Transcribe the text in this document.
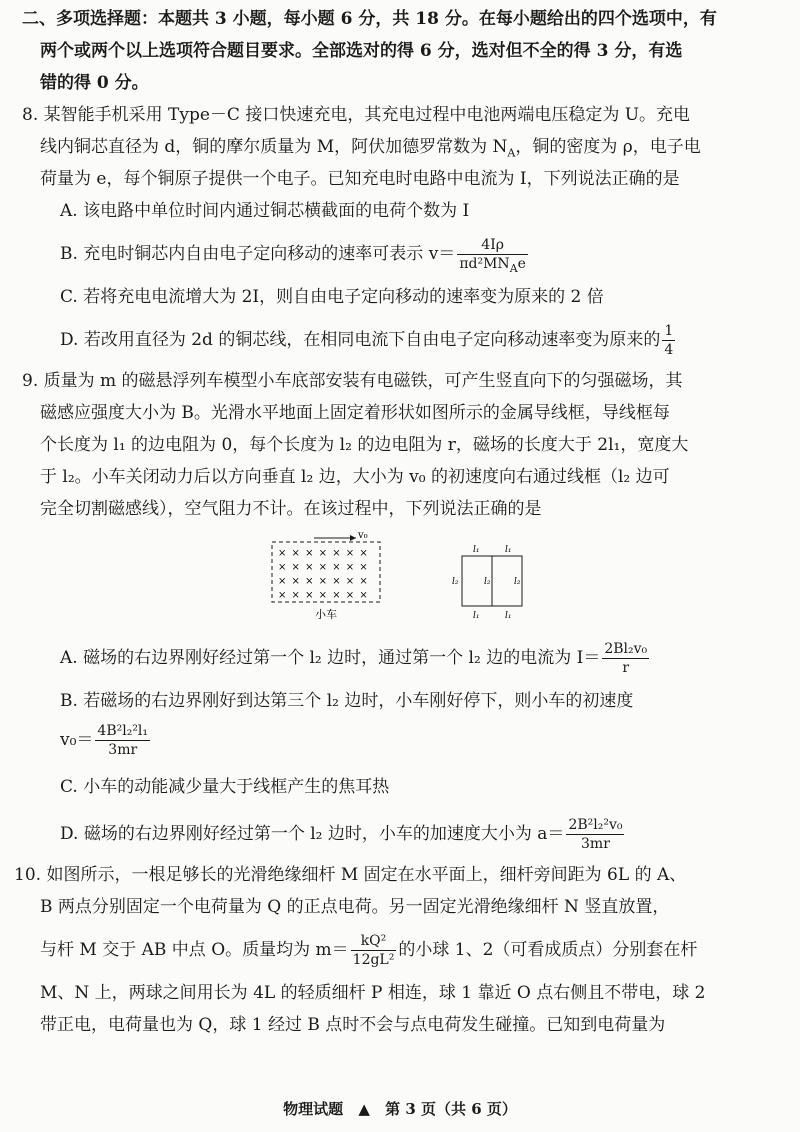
二、多项选择题：本题共 3 小题，每小题 6 分，共 18 分。在每小题给出的四个选项中，有
两个或两个以上选项符合题目要求。全部选对的得 6 分，选对但不全的得 3 分，有选
错的得 0 分。
8. 某智能手机采用 Type－C 接口快速充电，其充电过程中电池两端电压稳定为 U。充电
线内铜芯直径为 d，铜的摩尔质量为 M，阿伏加德罗常数为 $N_A$，铜的密度为 ρ，电子电
荷量为 e，每个铜原子提供一个电子。已知充电时电路中电流为 I，下列说法正确的是
A. 该电路中单位时间内通过铜芯横截面的电荷个数为 I
B. 充电时铜芯内自由电子定向移动的速率可表示 $v= \frac{4I\rho}{\pi d^2MN_Ae}$
C. 若将充电电流增大为 2I，则自由电子定向移动的速率变为原来的 2 倍
D. 若改用直径为 2d 的铜芯线，在相同电流下自由电子定向移动速率变为原来的 $\frac{1}{4}$
9. 质量为 m 的磁悬浮列车模型小车底部安装有电磁铁，可产生竖直向下的匀强磁场，其
磁感应强度大小为 B。光滑水平地面上固定着形状如图所示的金属导线框，导线框每
个长度为 l₁ 的边电阻为 0，每个长度为 l₂ 的边电阻为 r，磁场的长度大于 2l₁，宽度大
于 l₂。小车关闭动力后以方向垂直 l₂ 边，大小为 v₀ 的初速度向右通过线框（l₂ 边可
完全切割磁感线），空气阻力不计。在该过程中，下列说法正确的是
v₀
× × × × × × ×
× × × × × × ×
× × × × × × ×
× × × × × × ×
小车
l₁	l₁
l₁	l₁
l₂	l₂	l₂
A. 磁场的右边界刚好经过第一个 l₂ 边时，通过第一个 l₂ 边的电流为 $I= \frac{\text{2Bl₂v₀}}{r}$
B. 若磁场的右边界刚好到达第三个 l₂ 边时，小车刚好停下，则小车的初速度
$v_0= \frac{\text{4B²l₂²l₁}}{3mr}$
C. 小车的动能减少量大于线框产生的焦耳热
D. 磁场的右边界刚好经过第一个 l₂ 边时，小车的加速度大小为 $a= \frac{\text{2B²l₂²v₀}}{3mr}$
10. 如图所示，一根足够长的光滑绝缘细杆 M 固定在水平面上，细杆旁间距为 6L 的 A、
B 两点分别固定一个电荷量为 Q 的正点电荷。另一固定光滑绝缘细杆 N 竖直放置，
与杆 M 交于 AB 中点 O。质量均为 $m= \frac{\text{kQ²}}{\text{12gL²}}$ 的小球 1、2（可看成质点）分别套在杆
M、N 上，两球之间用长为 4L 的轻质细杆 P 相连，球 1 靠近 O 点右侧且不带电，球 2
带正电，电荷量也为 Q，球 1 经过 B 点时不会与点电荷发生碰撞。已知到电荷量为
物理试题 ▲ 第 3 页（共 6 页）
